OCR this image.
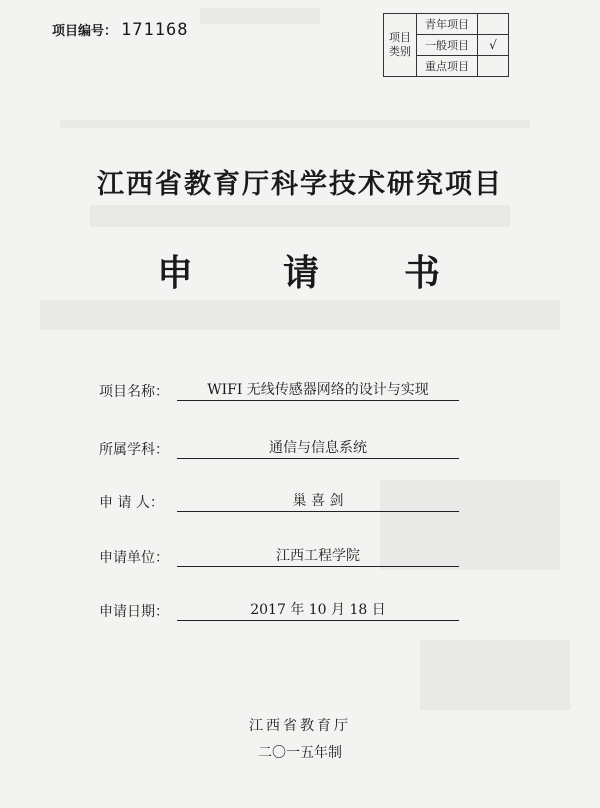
项目编号： 171168	项目类别	青年项目	
	一般项目	√
	重点项目	
江西省教育厅科学技术研究项目
申 请 书
项目名称：	WIFI 无线传感器网络的设计与实现
所属学科：	通信与信息系统
申 请 人：	巢 喜 剑
申请单位：	江西工程学院
申请日期：	2017 年 10 月 18 日
江西省教育厅
二〇一五年制
